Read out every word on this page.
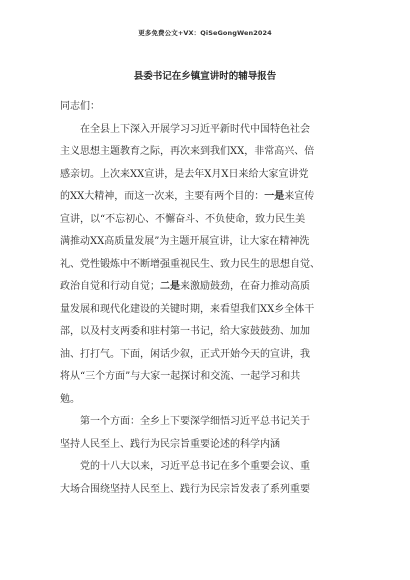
更多免费公文+VX：QiSeGongWen2024
县委书记在乡镇宣讲时的辅导报告
同志们：
在全县上下深入开展学习习近平新时代中国特色社会
主义思想主题教育之际，再次来到我们XX，非常高兴、倍
感亲切。上次来XX宣讲，是去年X月X日来给大家宣讲党
的XX大精神，而这一次来，主要有两个目的：一是来宣传
宣讲，以“不忘初心、不懈奋斗、不负使命，致力民生美
满推动XX高质量发展”为主题开展宣讲，让大家在精神洗
礼、党性锻炼中不断增强重视民生、致力民生的思想自觉、
政治自觉和行动自觉；二是来激励鼓劲，在奋力推动高质
量发展和现代化建设的关键时期，来看望我们XX乡全体干
部，以及村支两委和驻村第一书记，给大家鼓鼓劲、加加
油、打打气。下面，闲话少叙，正式开始今天的宣讲，我
将从“三个方面”与大家一起探讨和交流、一起学习和共
勉。
第一个方面：全乡上下要深学细悟习近平总书记关于
坚持人民至上、践行为民宗旨重要论述的科学内涵
党的十八大以来，习近平总书记在多个重要会议、重
大场合围绕坚持人民至上、践行为民宗旨发表了系列重要
